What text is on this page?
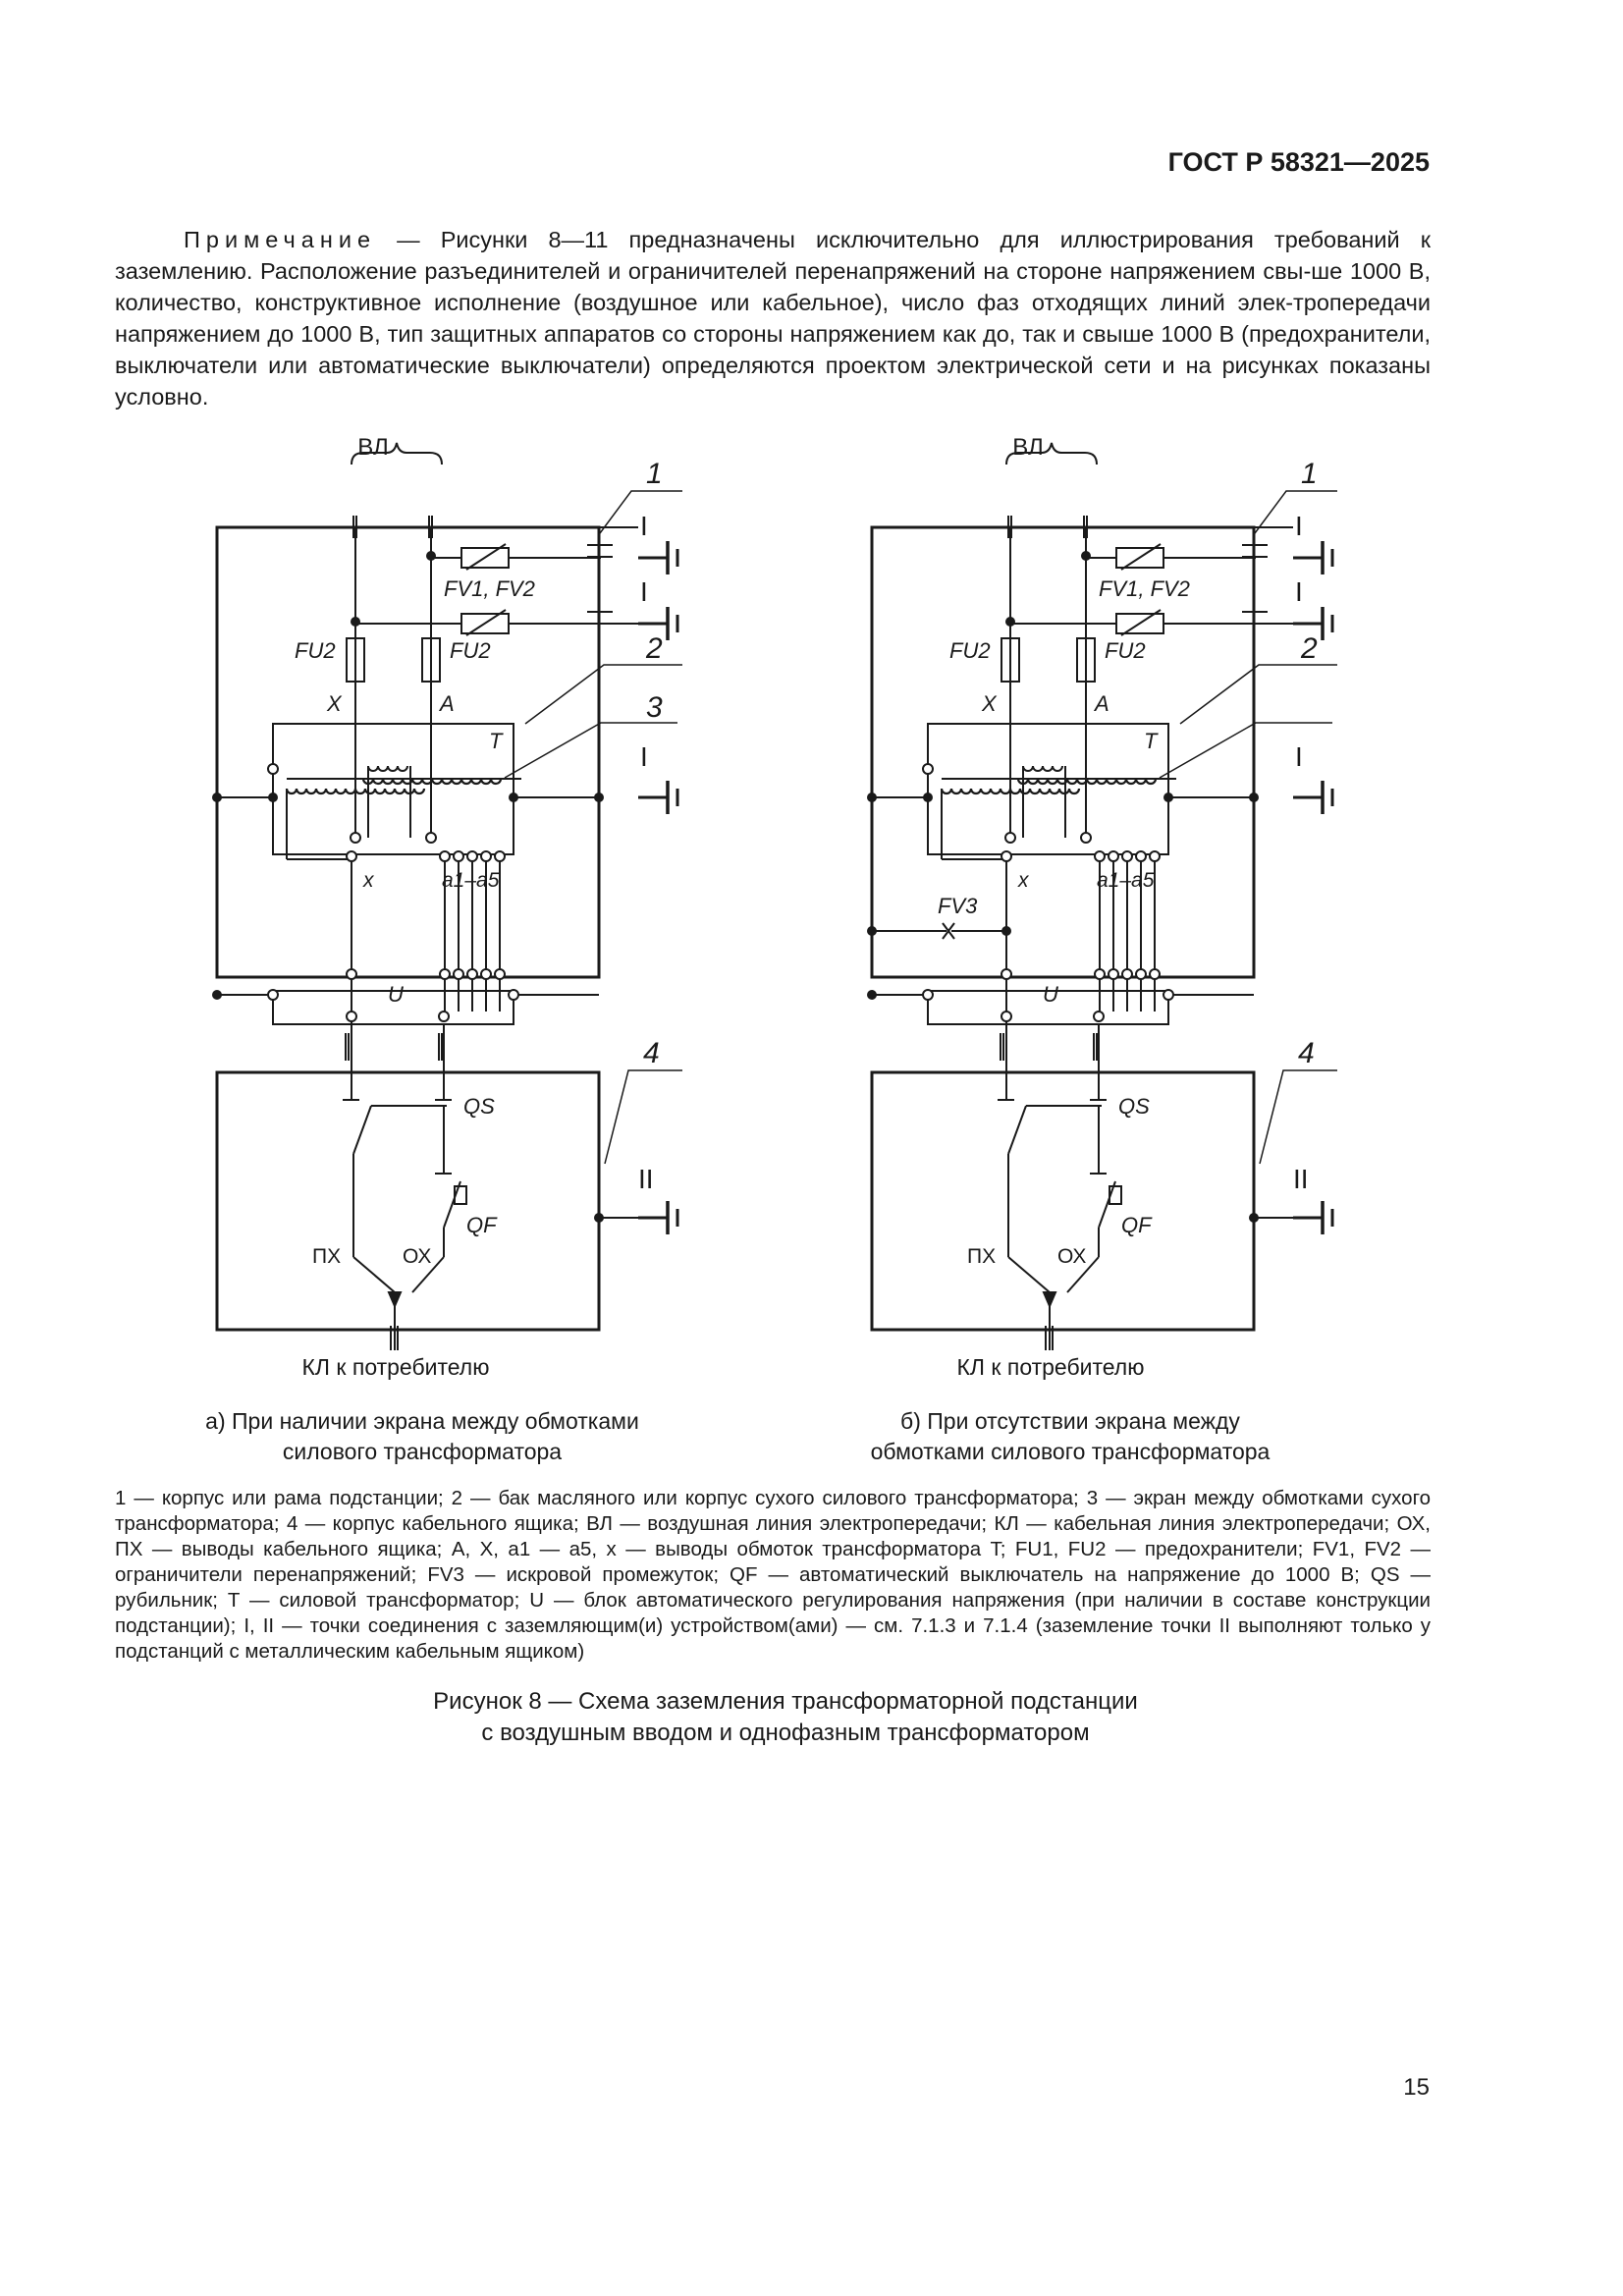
ГОСТ Р 58321—2025

Примечание — Рисунки 8—11 предназначены исключительно для иллюстрирования требований к заземлению. Расположение разъединителей и ограничителей перенапряжений на стороне напряжением свы-ше 1000 В, количество, конструктивное исполнение (воздушное или кабельное), число фаз отходящих линий элек-тропередачи напряжением до 1000 В, тип защитных аппаратов со стороны напряжением как до, так и свыше 1000 В (предохранители, выключатели или автоматические выключатели) определяются проектом электрической сети и на рисунках показаны условно.

ВЛ
1
2
3
4
I
I
I
II
FV1, FV2
FU2	FU2
X	A
T
x	a1–a5
U
QS
QF
ПХ	ОХ
КЛ к потребителю
ВЛ
1
2
4
I
I
I
II
FV1, FV2
FU2	FU2
X	A
T
x	a1–a5
FV3
U
QS
QF
ПХ	ОХ
КЛ к потребителю
а) При наличии экрана между обмотками силового трансформатора
б) При отсутствии экрана между обмотками силового трансформатора
1 — корпус или рама подстанции; 2 — бак масляного или корпус сухого силового трансформатора; 3 — экран между обмотками сухого трансформатора; 4 — корпус кабельного ящика; ВЛ — воздушная линия электропередачи; КЛ — кабельная линия электропередачи; ОХ, ПХ — выводы кабельного ящика; A, X, a1 — a5, x — выводы обмоток трансформатора T; FU1, FU2 — предохранители; FV1, FV2 — ограничители перенапряжений; FV3 — искровой промежуток; QF — автоматический выключатель на напряжение до 1000 В; QS — рубильник; T — силовой трансформатор; U — блок автоматического регулирования напряжения (при наличии в составе конструкции подстанции); I, II — точки соединения с заземляющим(и) устройством(ами) — см. 7.1.3 и 7.1.4 (заземление точки II выполняют только у подстанций с металлическим кабельным ящиком)
Рисунок 8 — Схема заземления трансформаторной подстанции
с воздушным вводом и однофазным трансформатором
15
